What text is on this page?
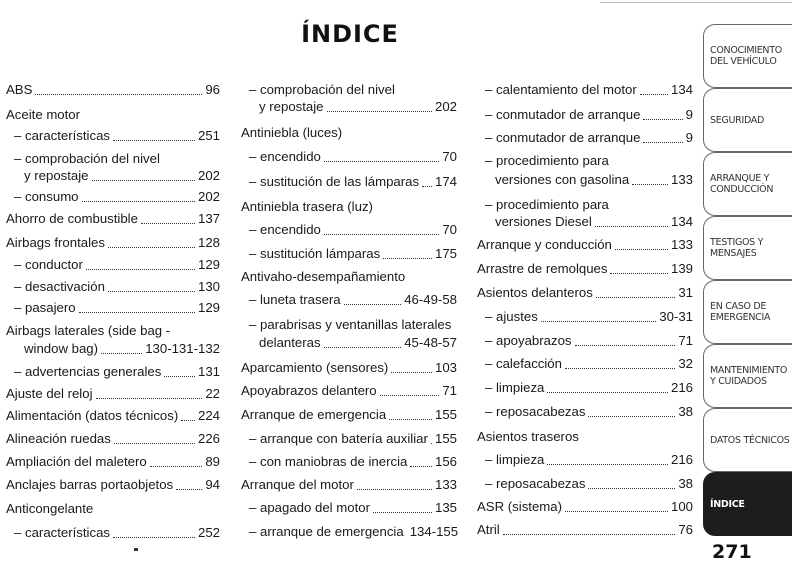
ÍNDICE
ABS	96
Aceite motor
– características	251
– comprobación del nivel
y repostaje	202
– consumo	202
Ahorro de combustible	137
Airbags frontales	128
– conductor	129
– desactivación	130
– pasajero	129
Airbags laterales (side bag -
window bag)	130-131-132
– advertencias generales	131
Ajuste del reloj	22
Alimentación (datos técnicos) 224
Alineación ruedas	226
Ampliación del maletero	89
Anclajes barras portaobjetos 94
Anticongelante
– características	252
– comprobación del nivel
y repostaje	202
Antiniebla (luces)
– encendido	70
– sustitución de las lámparas 174
Antiniebla trasera (luz)
– encendido	70
– sustitución lámparas	175
Antivaho-desempañamiento
– luneta trasera	46-49-58
– parabrisas y ventanillas laterales
delanteras	45-48-57
Aparcamiento (sensores)	103
Apoyabrazos delantero	71
Arranque de emergencia	155
– arranque con batería auxiliar 155
– con maniobras de inercia 156
Arranque del motor	133
– apagado del motor	135
– arranque de emergencia 134-155
– calentamiento del motor	134
– conmutador de arranque	9
– conmutador de arranque	9
– procedimiento para
versiones con gasolina	133
– procedimiento para
versiones Diesel	134
Arranque y conducción	133
Arrastre de remolques	139
Asientos delanteros	31
– ajustes	30-31
– apoyabrazos	71
– calefacción	32
– limpieza	216
– reposacabezas	38
Asientos traseros
– limpieza	216
– reposacabezas	38
ASR (sistema)	100
Atril	76
CONOCIMIENTO DEL VEHÍCULO
SEGURIDAD
ARRANQUE Y CONDUCCIÓN
TESTIGOS Y MENSAJES
EN CASO DE EMERGENCIA
MANTENIMIENTO Y CUIDADOS
DATOS TÉCNICOS
ÍNDICE
271
